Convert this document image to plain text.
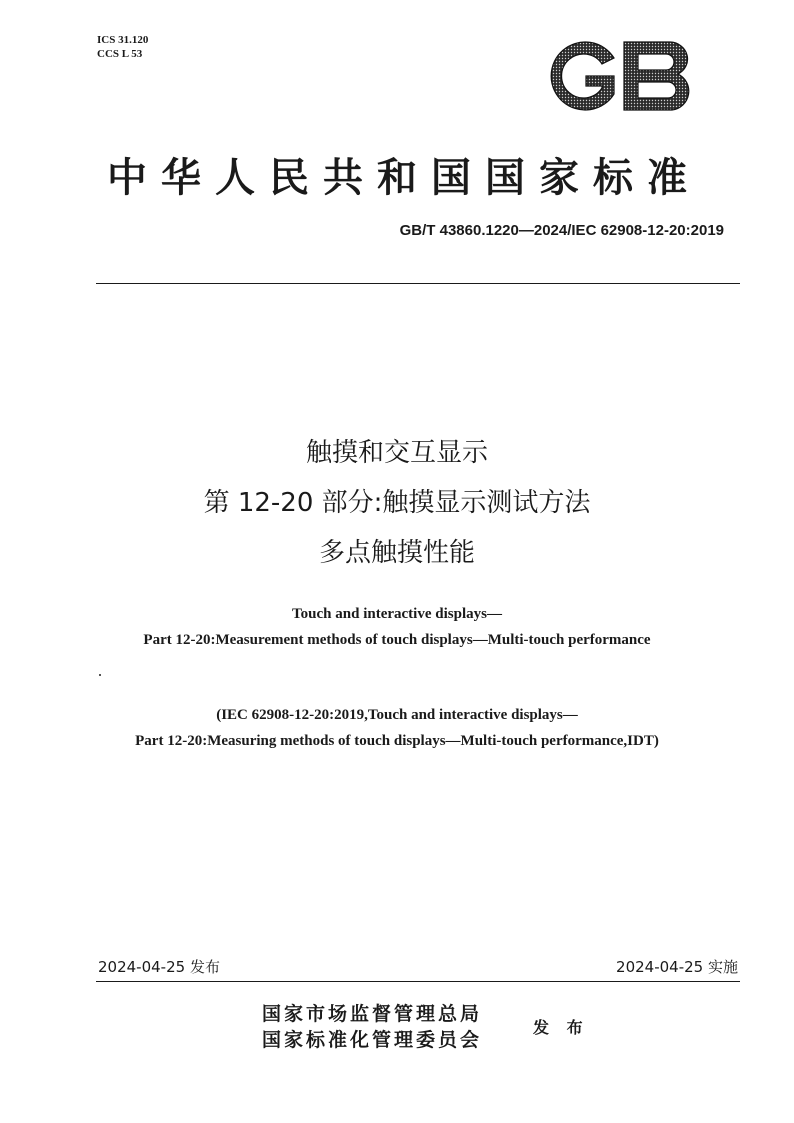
ICS 31.120
CCS L 53
中华人民共和国国家标准
GB/T 43860.1220—2024/IEC 62908-12-20:2019
触摸和交互显示
第 12-20 部分:触摸显示测试方法
多点触摸性能
Touch and interactive displays—
Part 12-20:Measurement methods of touch displays—Multi-touch performance
(IEC 62908-12-20:2019,Touch and interactive displays—
Part 12-20:Measuring methods of touch displays—Multi-touch performance,IDT)
2024-04-25 发布	2024-04-25 实施
国家市场监督管理总局
国家标准化管理委员会
发 布
